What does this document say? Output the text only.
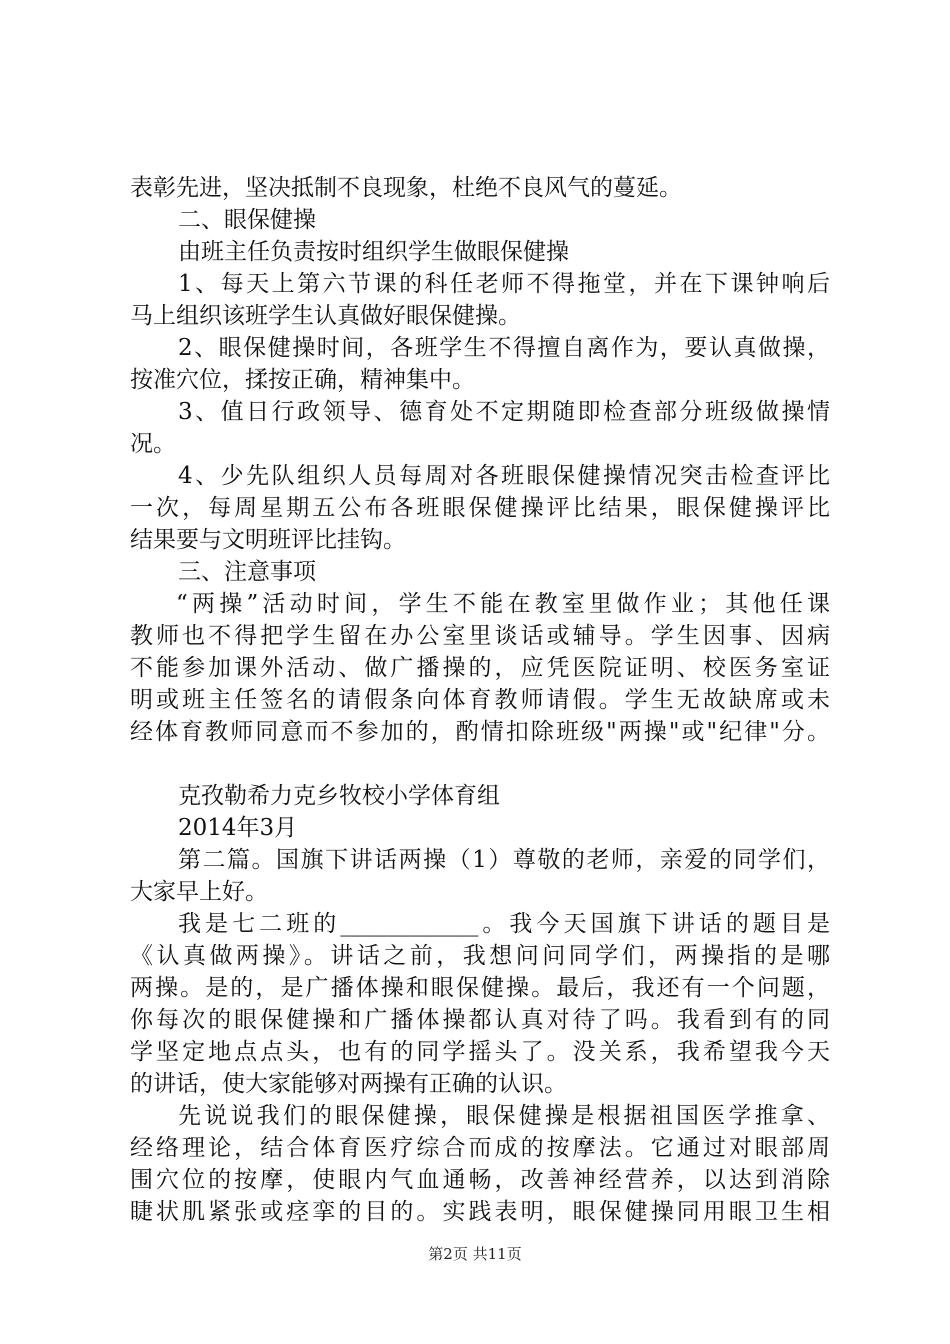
表彰先进，坚决抵制不良现象，杜绝不良风气的蔓延。
二、眼保健操
由班主任负责按时组织学生做眼保健操
1、每天上第六节课的科任老师不得拖堂，并在下课钟响后
马上组织该班学生认真做好眼保健操。
2、眼保健操时间，各班学生不得擅自离作为，要认真做操，
按准穴位，揉按正确，精神集中。
3、值日行政领导、德育处不定期随即检查部分班级做操情
况。
4、少先队组织人员每周对各班眼保健操情况突击检查评比
一次，每周星期五公布各班眼保健操评比结果，眼保健操评比
结果要与文明班评比挂钩。
三、注意事项
“两操”活动时间，学生不能在教室里做作业；其他任课
教师也不得把学生留在办公室里谈话或辅导。学生因事、因病
不能参加课外活动、做广播操的，应凭医院证明、校医务室证
明或班主任签名的请假条向体育教师请假。学生无故缺席或未
经体育教师同意而不参加的，酌情扣除班级"两操"或"纪律"分。
克孜勒希力克乡牧校小学体育组
2014年3月
第二篇。国旗下讲话两操（1）尊敬的老师，亲爱的同学们，
大家早上好。
我是七二班的____________。我今天国旗下讲话的题目是
《认真做两操》。讲话之前，我想问问同学们，两操指的是哪
两操。是的，是广播体操和眼保健操。最后，我还有一个问题，
你每次的眼保健操和广播体操都认真对待了吗。我看到有的同
学坚定地点点头，也有的同学摇头了。没关系，我希望我今天
的讲话，使大家能够对两操有正确的认识。
先说说我们的眼保健操，眼保健操是根据祖国医学推拿、
经络理论，结合体育医疗综合而成的按摩法。它通过对眼部周
围穴位的按摩，使眼内气血通畅，改善神经营养，以达到消除
睫状肌紧张或痉挛的目的。实践表明，眼保健操同用眼卫生相
第2页 共11页
